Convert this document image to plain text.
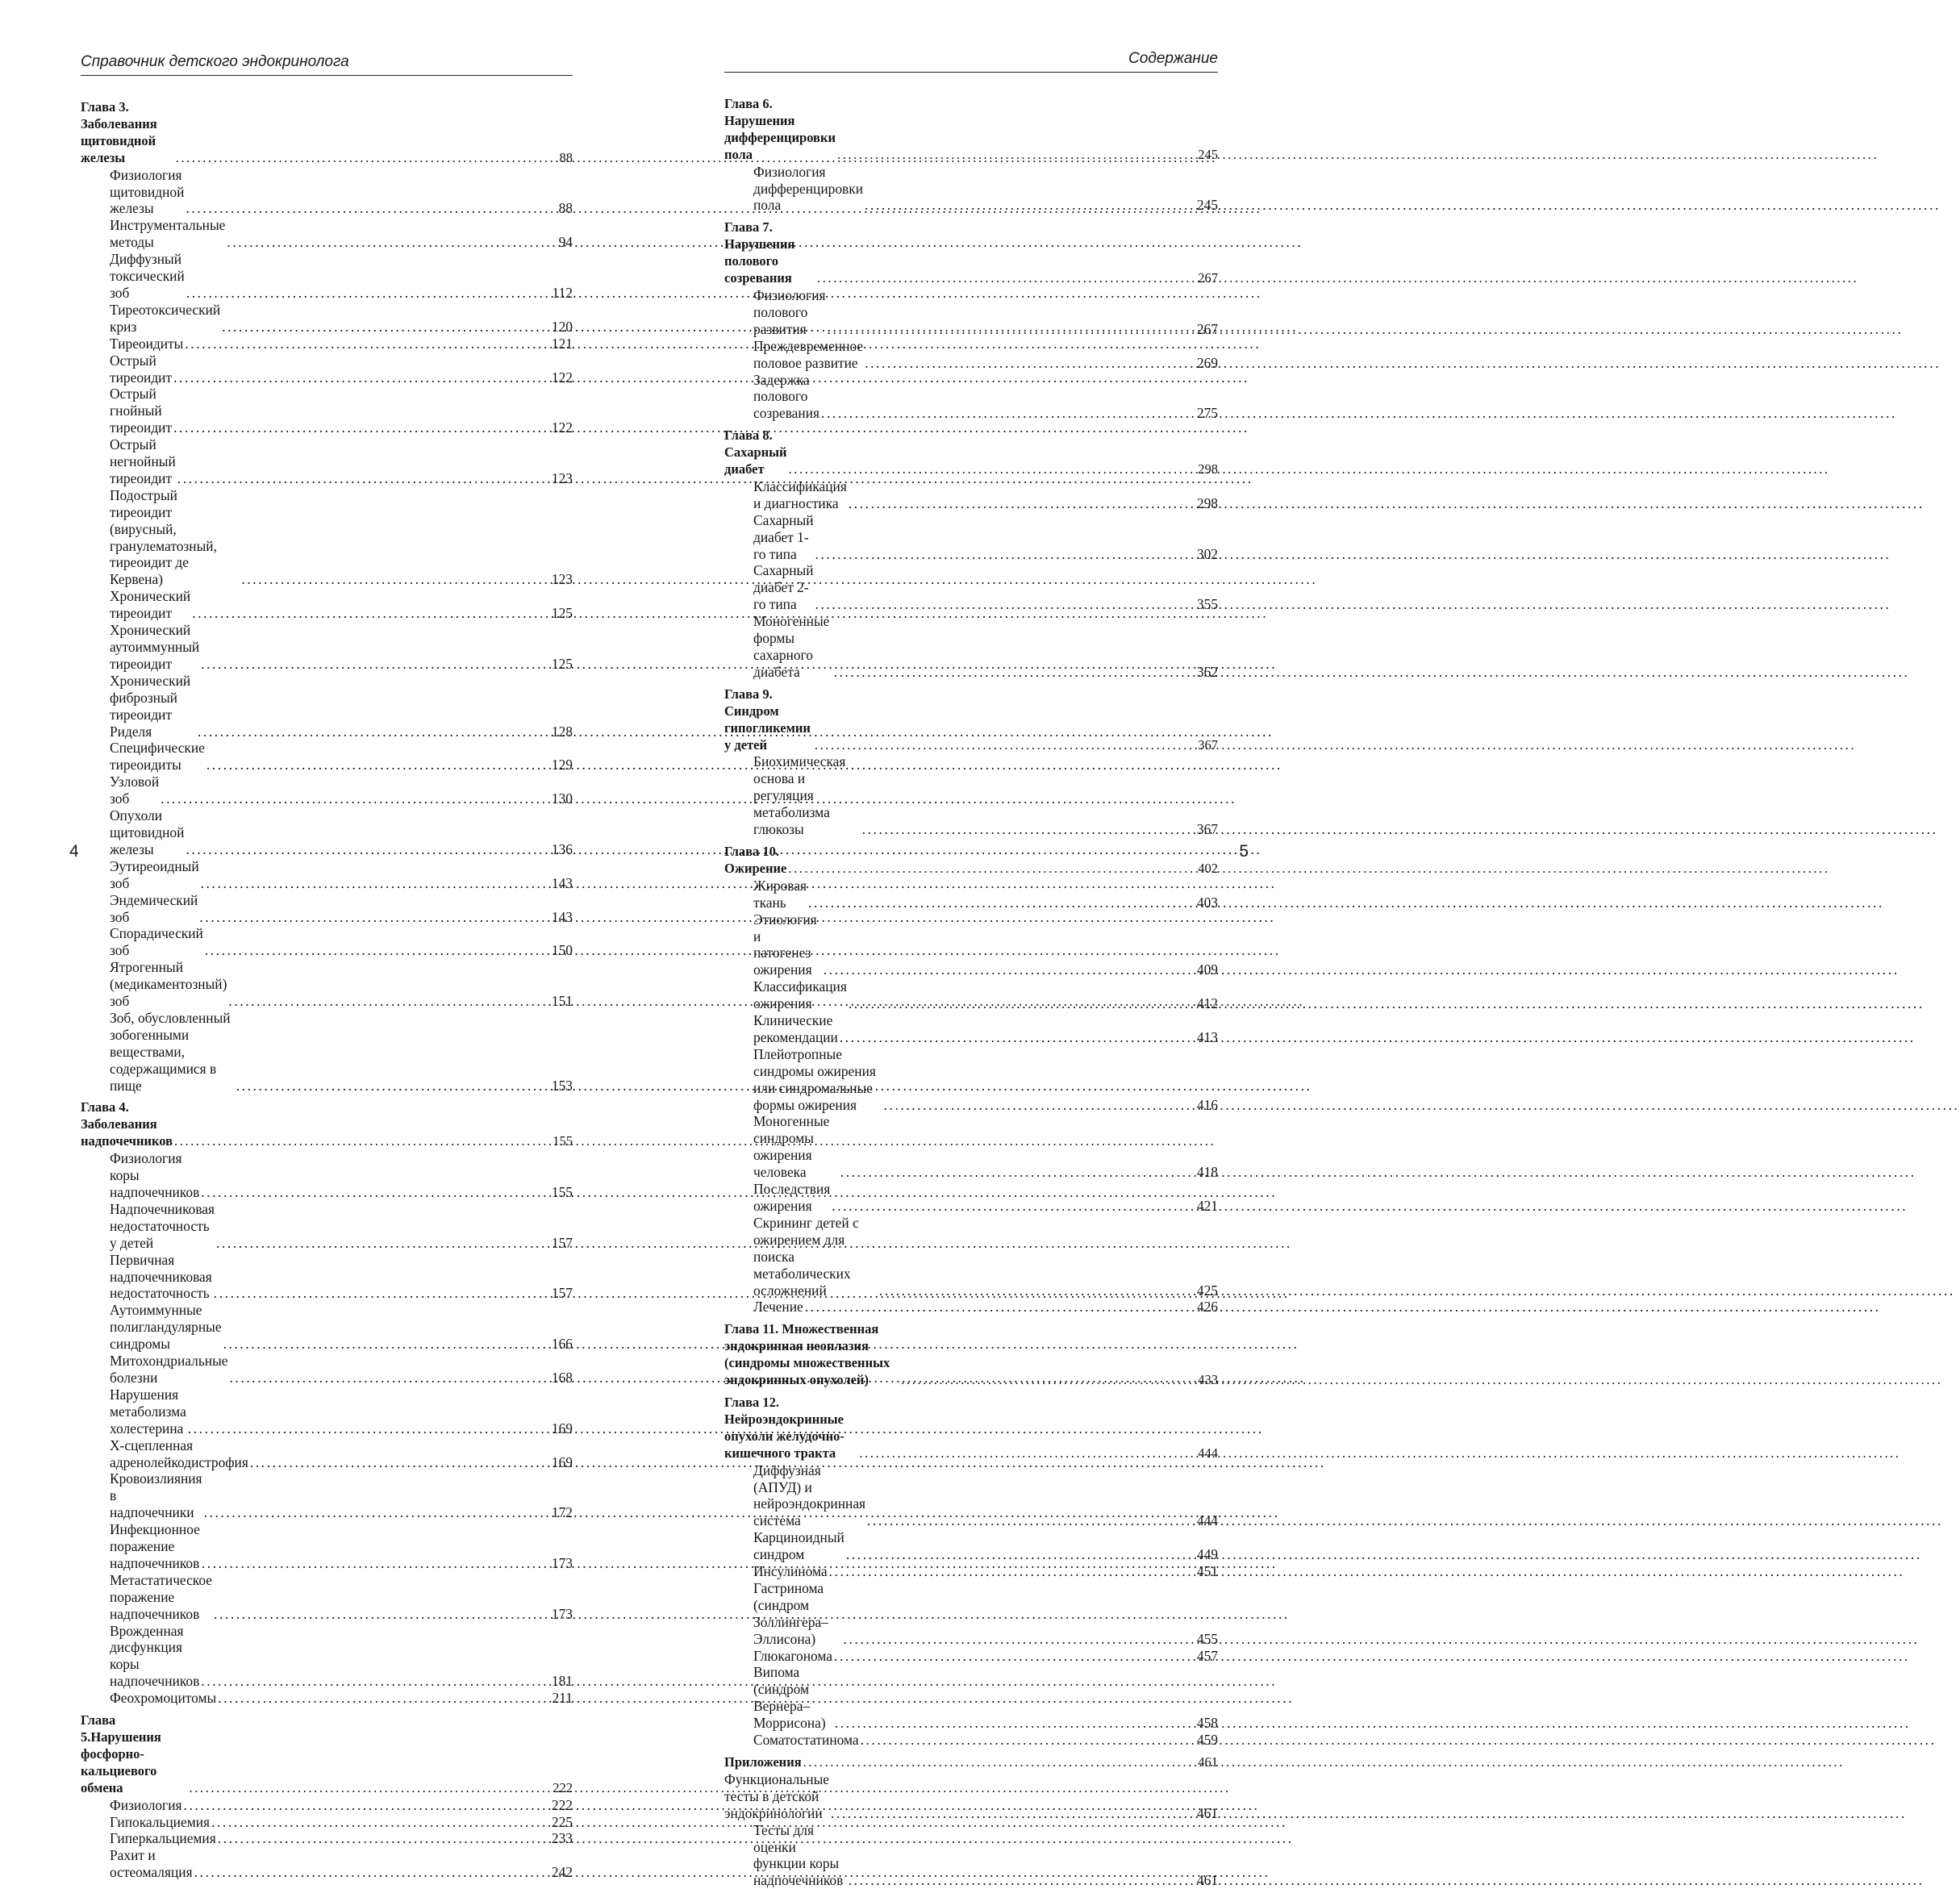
Справочник детского эндокринолога
Глава 3. Заболевания щитовидной железы .....	88
Физиология щитовидной железы .....	88
Инструментальные методы .....	94
Диффузный токсический зоб .....	112
Тиреотоксический криз .....	120
Тиреоидиты .....	121
Острый тиреоидит .....	122
Острый гнойный тиреоидит .....	122
Острый негнойный тиреоидит .....	123
Подострый тиреоидит (вирусный, гранулематозный, тиреоидит де Кервена) .....	123
Хронический тиреоидит .....	125
Хронический аутоиммунный тиреоидит .....	125
Хронический фиброзный тиреоидит Риделя .....	128
Специфические тиреоидиты .....	129
Узловой зоб .....	130
Опухоли щитовидной железы .....	136
Эутиреоидный зоб .....	143
Эндемический зоб .....	143
Спорадический зоб .....	150
Ятрогенный (медикаментозный) зоб .....	151
Зоб, обусловленный зобогенными веществами, содержащимися в пище .....	153
Глава 4. Заболевания надпочечников .....	155
Физиология коры надпочечников .....	155
Надпочечниковая недостаточность у детей .....	157
Первичная надпочечниковая недостаточность .....	157
Аутоиммунные полигландулярные синдромы .....	166
Митохондриальные болезни .....	168
Нарушения метаболизма холестерина .....	169
Х-сцепленная адренолейкодистрофия .....	169
Кровоизлияния в надпочечники .....	172
Инфекционное поражение надпочечников .....	173
Метастатическое поражение надпочечников .....	173
Врожденная дисфункция коры надпочечников .....	181
Феохромоцитомы .....	211
Глава 5.Нарушения фосфорно-кальциевого обмена .....	222
Физиология .....	222
Гипокальциемия .....	225
Гиперкальциемия .....	233
Рахит и остеомаляция .....	242
4
Содержание
Глава 6. Нарушения дифференцировки пола .....	245
Физиология дифференцировки пола .....	245
Глава 7. Нарушения полового созревания .....	267
Физиология полового развития .....	267
Преждевременное половое развитие .....	269
Задержка полового созревания .....	275
Глава 8. Сахарный диабет .....	298
Классификация и диагностика .....	298
Сахарный диабет 1-го типа .....	302
Сахарный диабет 2-го типа .....	355
Моногенные формы сахарного диабета .....	362
Глава 9. Синдром гипогликемии у детей .....	367
Биохимическая основа и регуляция метаболизма глюкозы .....	367
Глава 10. Ожирение .....	402
Жировая ткань .....	403
Этиология и патогенез ожирения .....	409
Классификация ожирения .....	412
Клинические рекомендации .....	413
Плейотропные синдромы ожирения или синдромальные формы ожирения .....	416
Моногенные синдромы ожирения человека .....	418
Последствия ожирения .....	421
Скрининг детей с ожирением для поиска метаболических осложнений .....	425
Лечение .....	426
Глава 11. Множественная эндокринная неоплазия (синдромы множественных эндокринных опухолей) .....	433
Глава 12. Нейроэндокринные опухоли желудочно-кишечного тракта .....	444
Диффузная (АПУД) и нейроэндокринная система .....	444
Карциноидный синдром .....	449
Инсулинома .....	451
Гастринома (синдром Золлингера–Эллисона) .....	455
Глюкагонома .....	457
Випома (синдром Вернера–Моррисона) .....	458
Соматостатинома .....	459
Приложения .....	461
Функциональные тесты в детской эндокринологии .....	461
Тесты для оценки функции коры надпочечников .....	461
5
